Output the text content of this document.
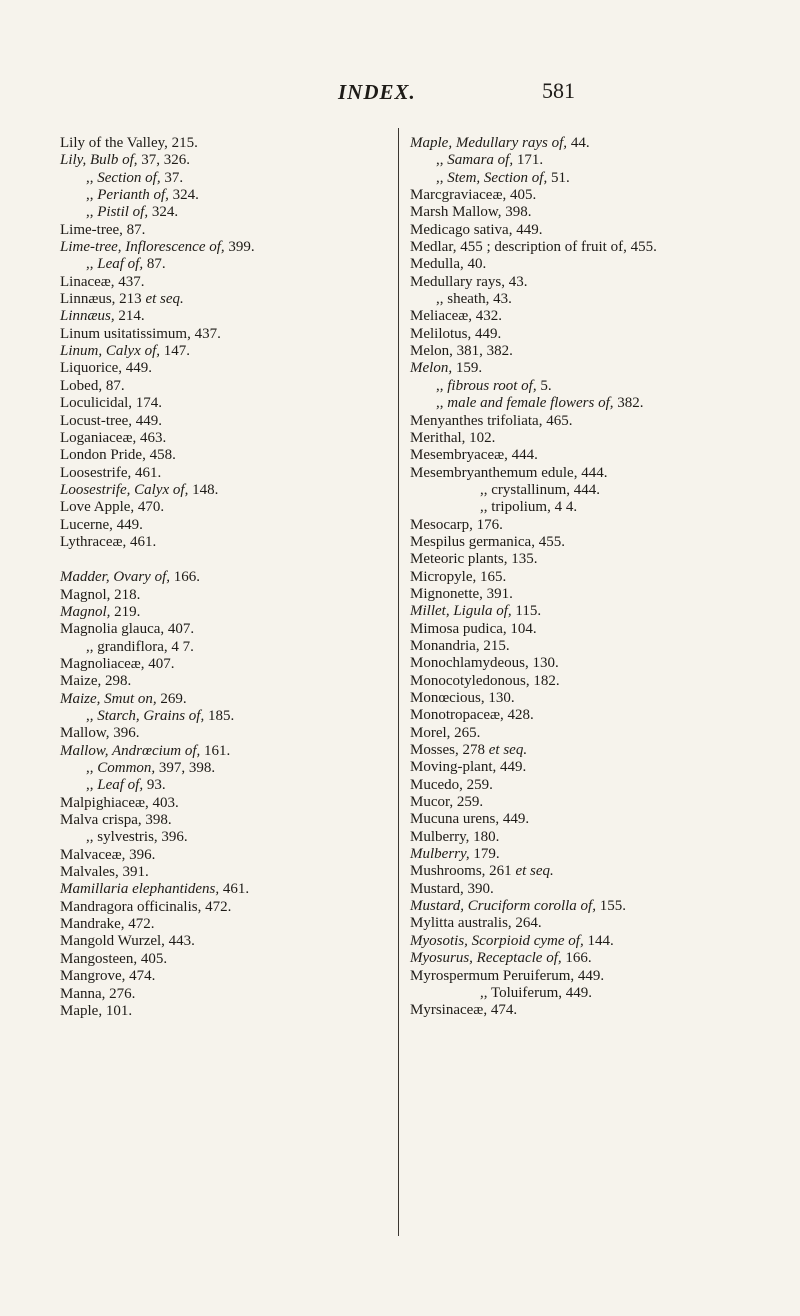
INDEX.	581
Lily of the Valley, 215.
Lily, Bulb of, 37, 326.
,, Section of, 37.
,, Perianth of, 324.
,, Pistil of, 324.
Lime-tree, 87.
Lime-tree, Inflorescence of, 399.
,, Leaf of, 87.
Linaceæ, 437.
Linnæus, 213 et seq.
Linnæus, 214.
Linum usitatissimum, 437.
Linum, Calyx of, 147.
Liquorice, 449.
Lobed, 87.
Loculicidal, 174.
Locust-tree, 449.
Loganiaceæ, 463.
London Pride, 458.
Loosestrife, 461.
Loosestrife, Calyx of, 148.
Love Apple, 470.
Lucerne, 449.
Lythraceæ, 461.
Madder, Ovary of, 166.
Magnol, 218.
Magnol, 219.
Magnolia glauca, 407.
,, grandiflora, 4 7.
Magnoliaceæ, 407.
Maize, 298.
Maize, Smut on, 269.
,, Starch, Grains of, 185.
Mallow, 396.
Mallow, Andrœcium of, 161.
,, Common, 397, 398.
,, Leaf of, 93.
Malpighiaceæ, 403.
Malva crispa, 398.
,, sylvestris, 396.
Malvaceæ, 396.
Malvales, 391.
Mamillaria elephantidens, 461.
Mandragora officinalis, 472.
Mandrake, 472.
Mangold Wurzel, 443.
Mangosteen, 405.
Mangrove, 474.
Manna, 276.
Maple, 101.
Maple, Medullary rays of, 44.
,, Samara of, 171.
,, Stem, Section of, 51.
Marcgraviaceæ, 405.
Marsh Mallow, 398.
Medicago sativa, 449.
Medlar, 455 ; description of fruit of, 455.
Medulla, 40.
Medullary rays, 43.
,, sheath, 43.
Meliaceæ, 432.
Melilotus, 449.
Melon, 381, 382.
Melon, 159.
,, fibrous root of, 5.
,, male and female flowers of, 382.
Menyanthes trifoliata, 465.
Merithal, 102.
Mesembryaceæ, 444.
Mesembryanthemum edule, 444.
,, crystallinum, 444.
,, tripolium, 4 4.
Mesocarp, 176.
Mespilus germanica, 455.
Meteoric plants, 135.
Micropyle, 165.
Mignonette, 391.
Millet, Ligula of, 115.
Mimosa pudica, 104.
Monandria, 215.
Monochlamydeous, 130.
Monocotyledonous, 182.
Monœcious, 130.
Monotropaceæ, 428.
Morel, 265.
Mosses, 278 et seq.
Moving-plant, 449.
Mucedo, 259.
Mucor, 259.
Mucuna urens, 449.
Mulberry, 180.
Mulberry, 179.
Mushrooms, 261 et seq.
Mustard, 390.
Mustard, Cruciform corolla of, 155.
Mylitta australis, 264.
Myosotis, Scorpioid cyme of, 144.
Myosurus, Receptacle of, 166.
Myrospermum Peruiferum, 449.
,, Toluiferum, 449.
Myrsinaceæ, 474.
